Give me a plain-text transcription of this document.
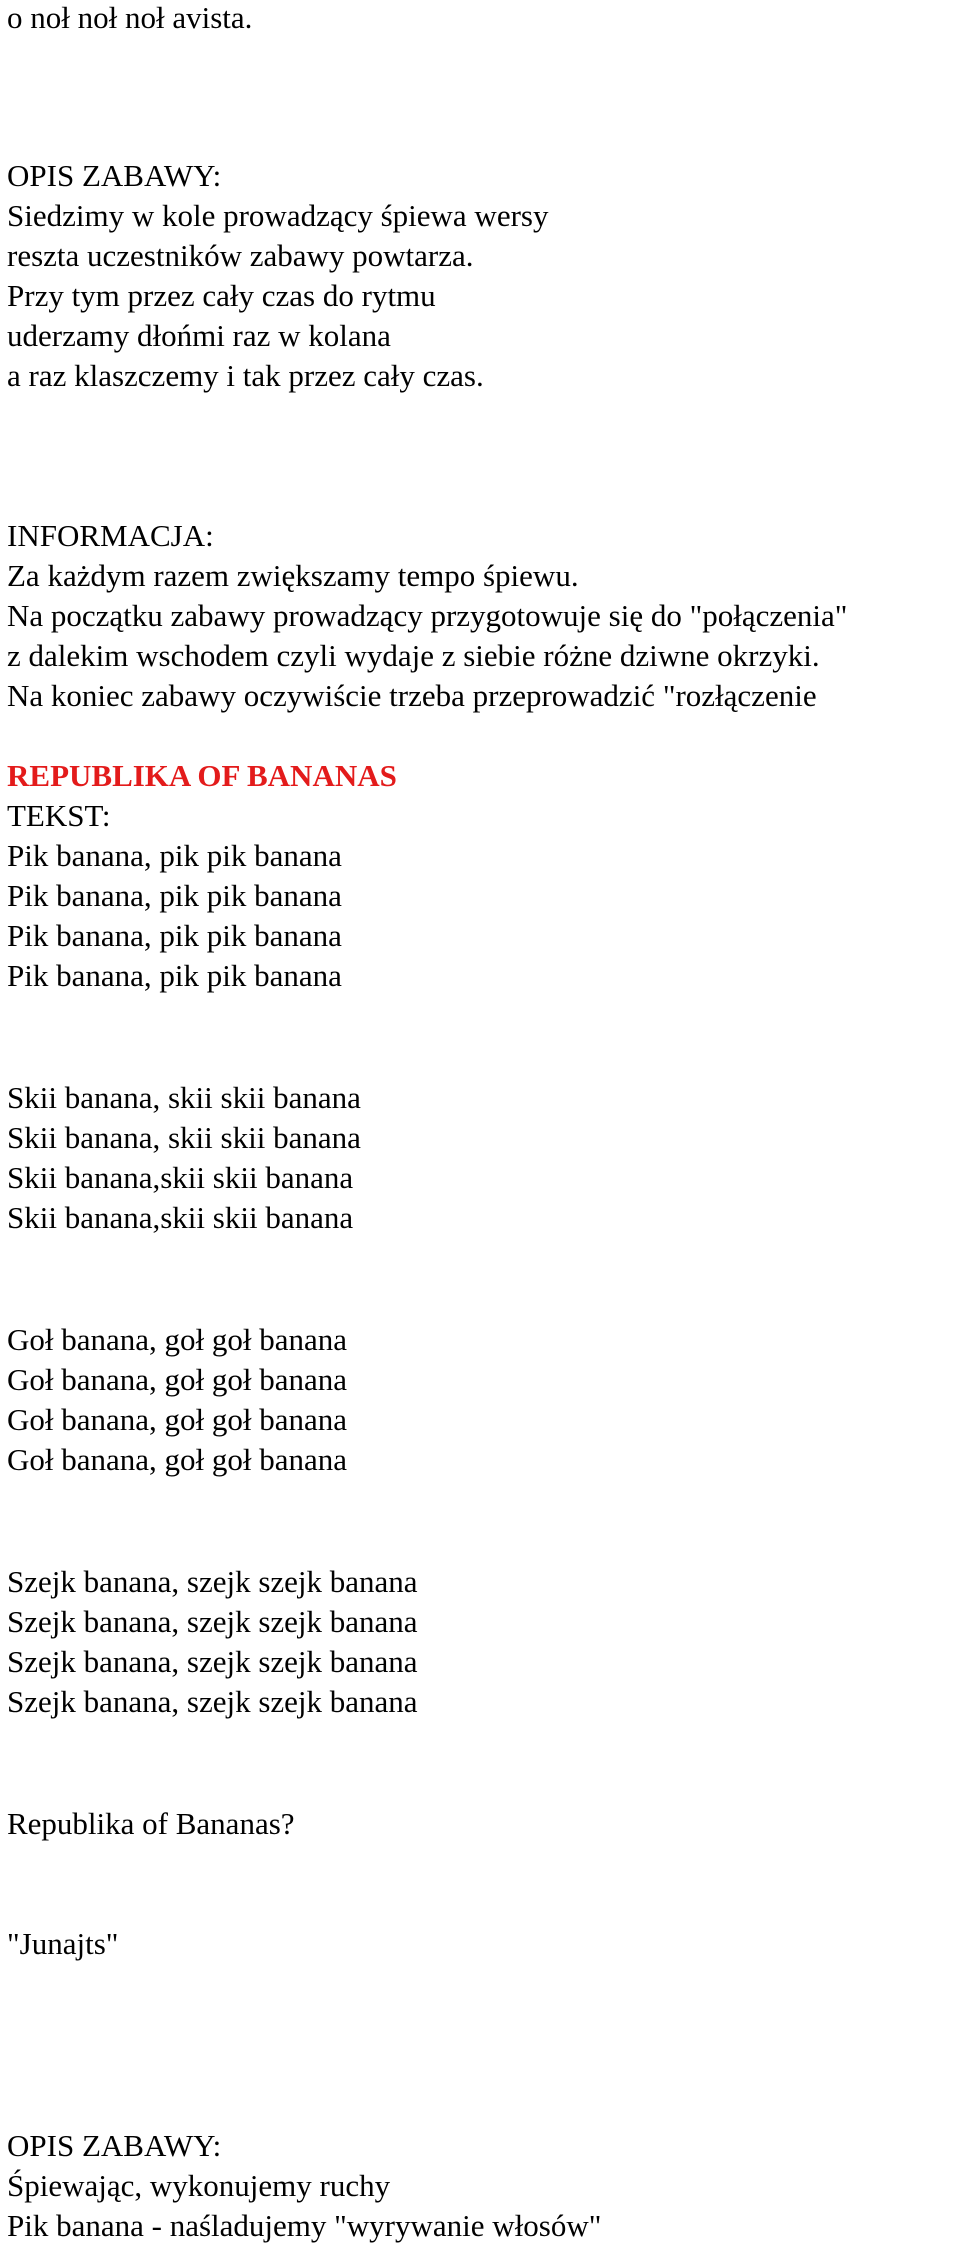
o nоł nоł nоł avista.

OPIS ZABAWY:

Siedzimy w kole prowadzący śpiewa wersy

reszta uczestników zabawy powtarza.

Przy tym przez cały czas do rytmu

uderzamy dłońmi raz w kolana

a raz klaszczemy i tak przez cały czas.

INFORMACJA:

Za każdym razem zwiększamy tempo śpiewu.

Na początku zabawy prowadzący przygotowuje się do "połączenia"

z dalekim wschodem czyli wydaje z siebie różne dziwne okrzyki.

Na koniec zabawy oczywiście trzeba przeprowadzić "rozłączenie

REPUBLIKA OF BANANAS

TEKST:

Pik banana, pik pik banana

Pik banana, pik pik banana

Pik banana, pik pik banana

Pik banana, pik pik banana

Skii banana, skii skii banana

Skii banana, skii skii banana

Skii banana,skii skii banana

Skii banana,skii skii banana

Goł banana, goł goł banana

Goł banana, goł goł banana

Goł banana, goł goł banana

Goł banana, goł goł banana

Szejk banana, szejk szejk banana

Szejk banana, szejk szejk banana

Szejk banana, szejk szejk banana

Szejk banana, szejk szejk banana

Republika of Bananas?

"Junajts"

OPIS ZABAWY:

Śpiewając, wykonujemy ruchy

Pik banana - naśladujemy "wyrywanie włosów"
